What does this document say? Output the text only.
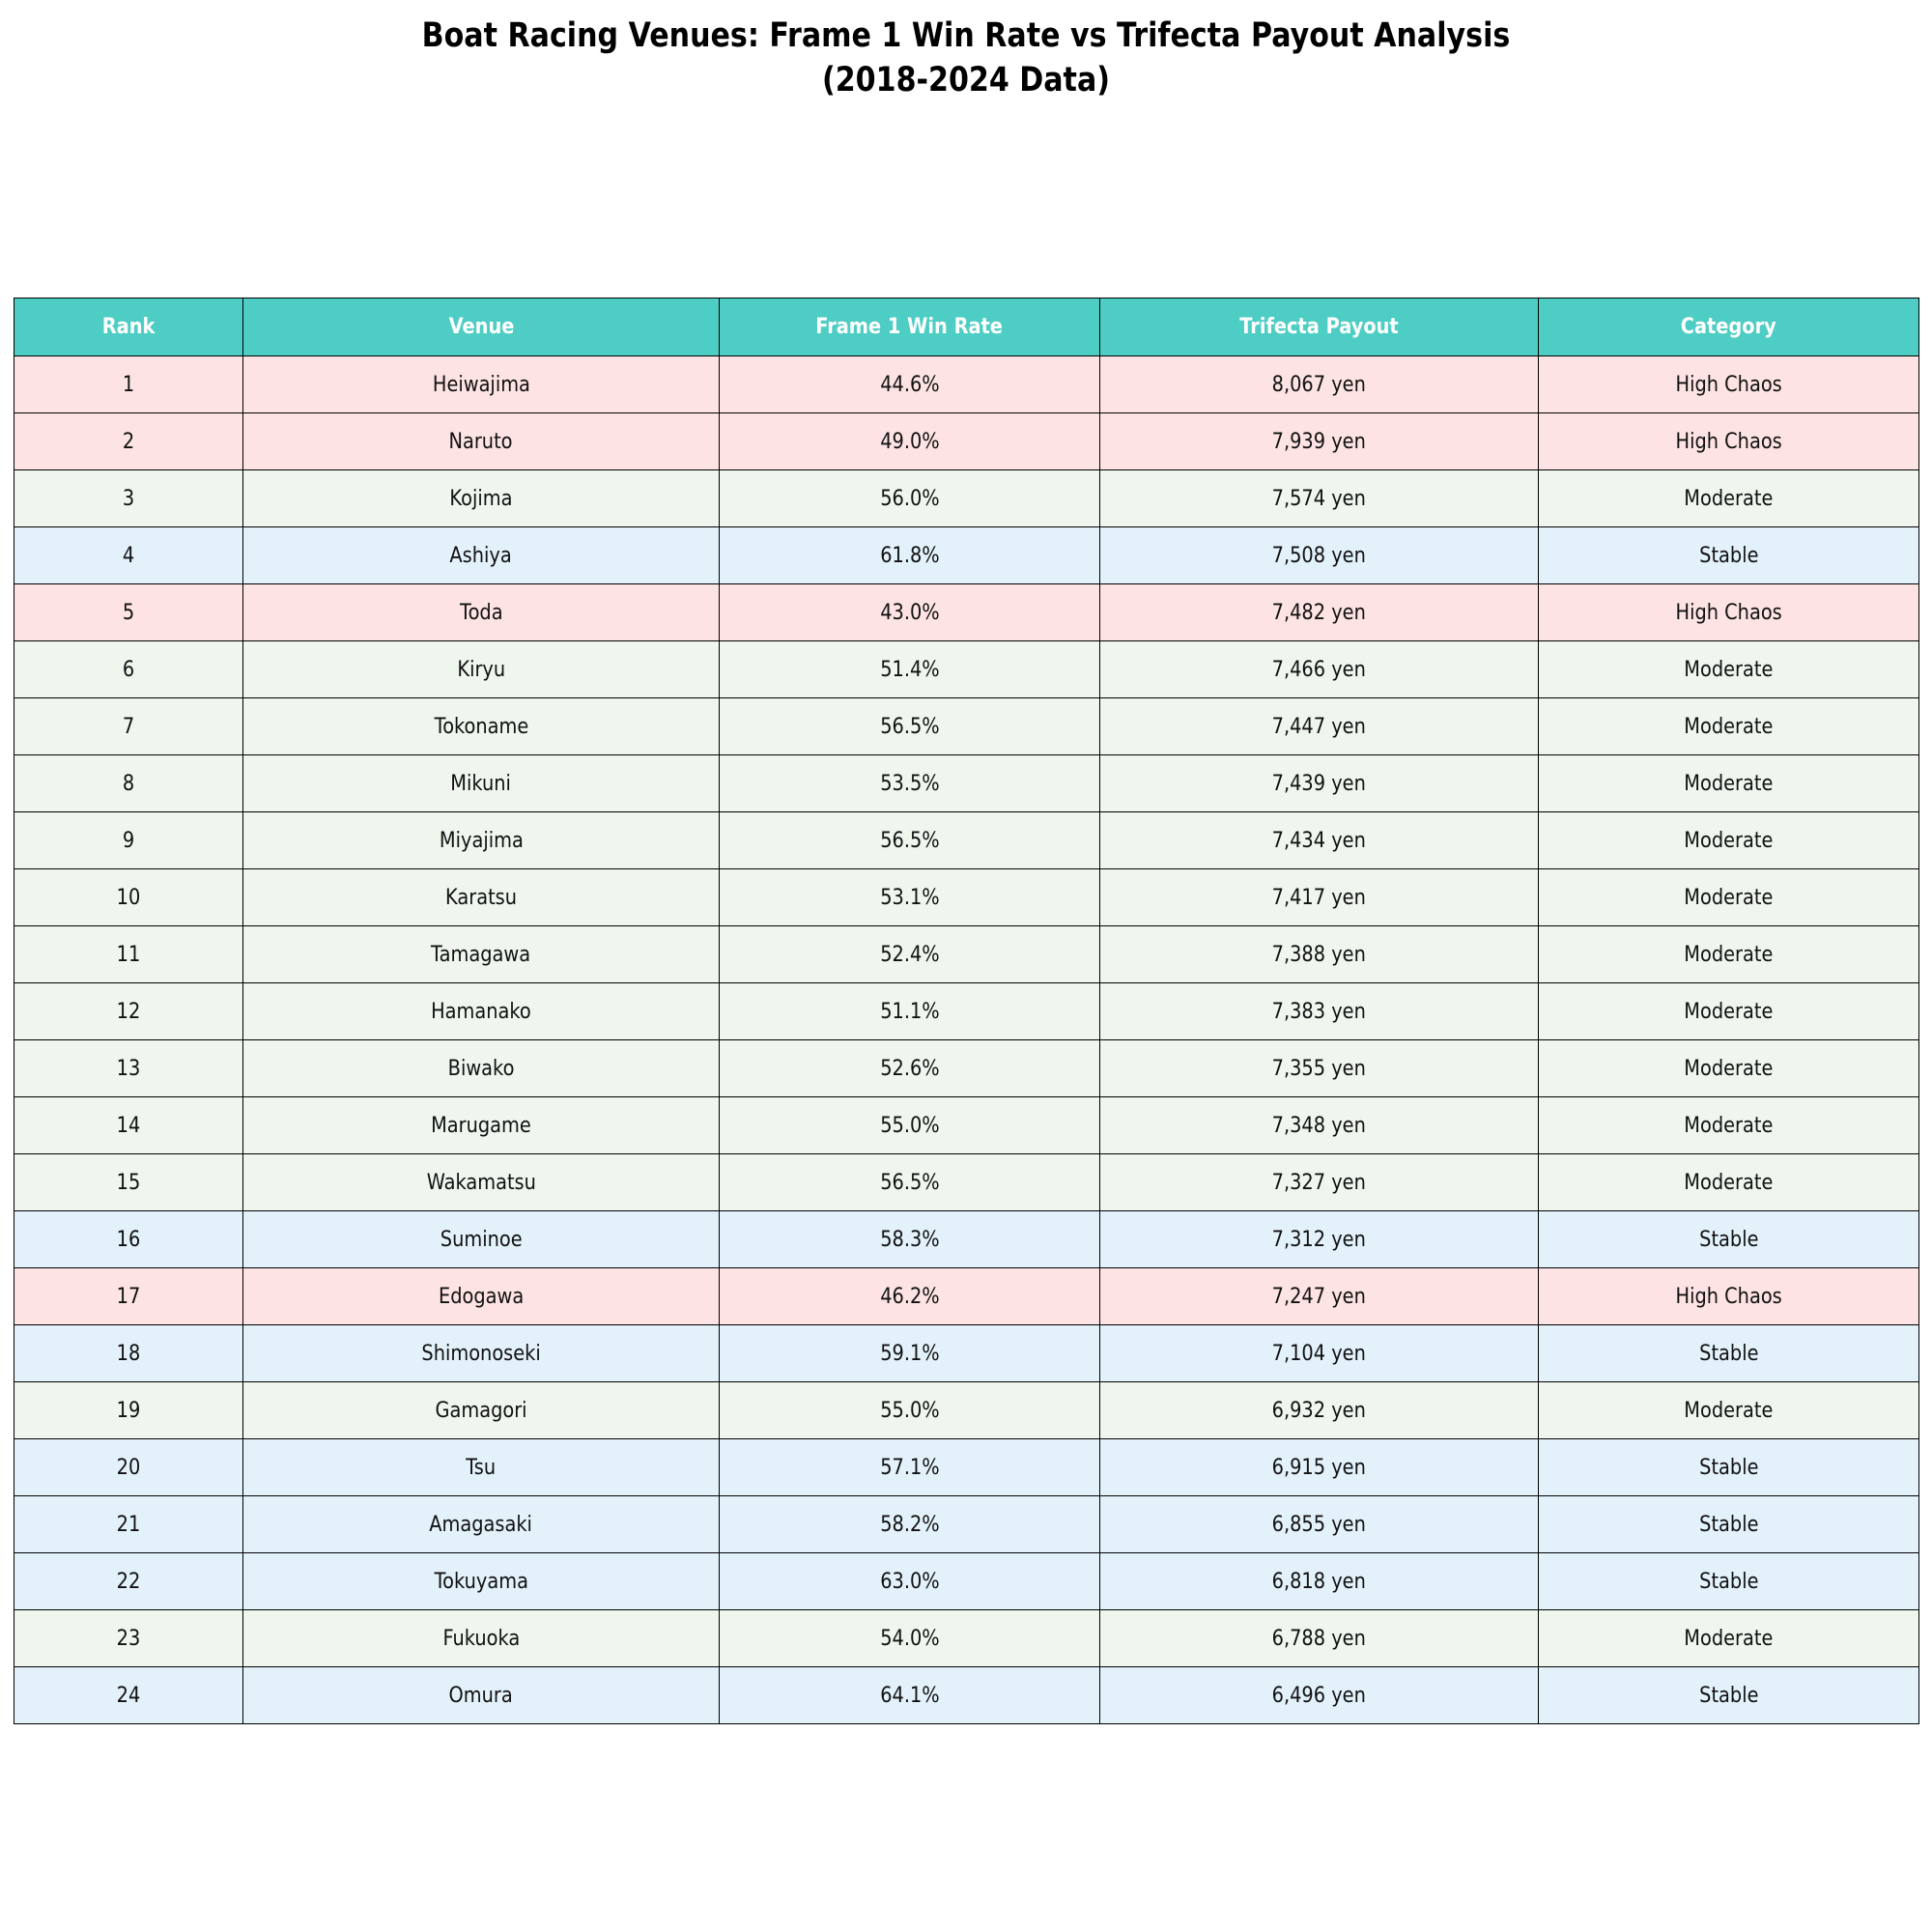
Boat Racing Venues: Frame 1 Win Rate vs Trifecta Payout Analysis
(2018-2024 Data)
Rank	Venue	Frame 1 Win Rate	Trifecta Payout	Category
1	Heiwajima	44.6%	8,067 yen	High Chaos
2	Naruto	49.0%	7,939 yen	High Chaos
3	Kojima	56.0%	7,574 yen	Moderate
4	Ashiya	61.8%	7,508 yen	Stable
5	Toda	43.0%	7,482 yen	High Chaos
6	Kiryu	51.4%	7,466 yen	Moderate
7	Tokoname	56.5%	7,447 yen	Moderate
8	Mikuni	53.5%	7,439 yen	Moderate
9	Miyajima	56.5%	7,434 yen	Moderate
10	Karatsu	53.1%	7,417 yen	Moderate
11	Tamagawa	52.4%	7,388 yen	Moderate
12	Hamanako	51.1%	7,383 yen	Moderate
13	Biwako	52.6%	7,355 yen	Moderate
14	Marugame	55.0%	7,348 yen	Moderate
15	Wakamatsu	56.5%	7,327 yen	Moderate
16	Suminoe	58.3%	7,312 yen	Stable
17	Edogawa	46.2%	7,247 yen	High Chaos
18	Shimonoseki	59.1%	7,104 yen	Stable
19	Gamagori	55.0%	6,932 yen	Moderate
20	Tsu	57.1%	6,915 yen	Stable
21	Amagasaki	58.2%	6,855 yen	Stable
22	Tokuyama	63.0%	6,818 yen	Stable
23	Fukuoka	54.0%	6,788 yen	Moderate
24	Omura	64.1%	6,496 yen	Stable
